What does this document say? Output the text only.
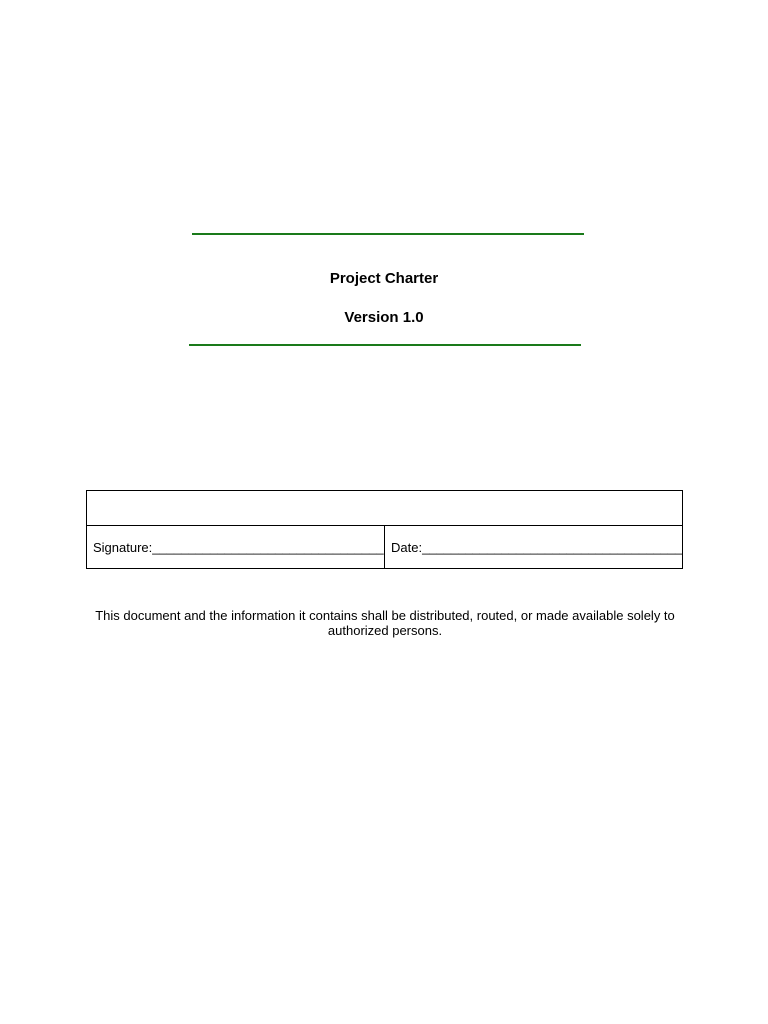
Project Charter
Version 1.0

Signature:________________________________	Date:____________________________________
This document and the information it contains shall be distributed, routed, or made available solely to authorized persons.
